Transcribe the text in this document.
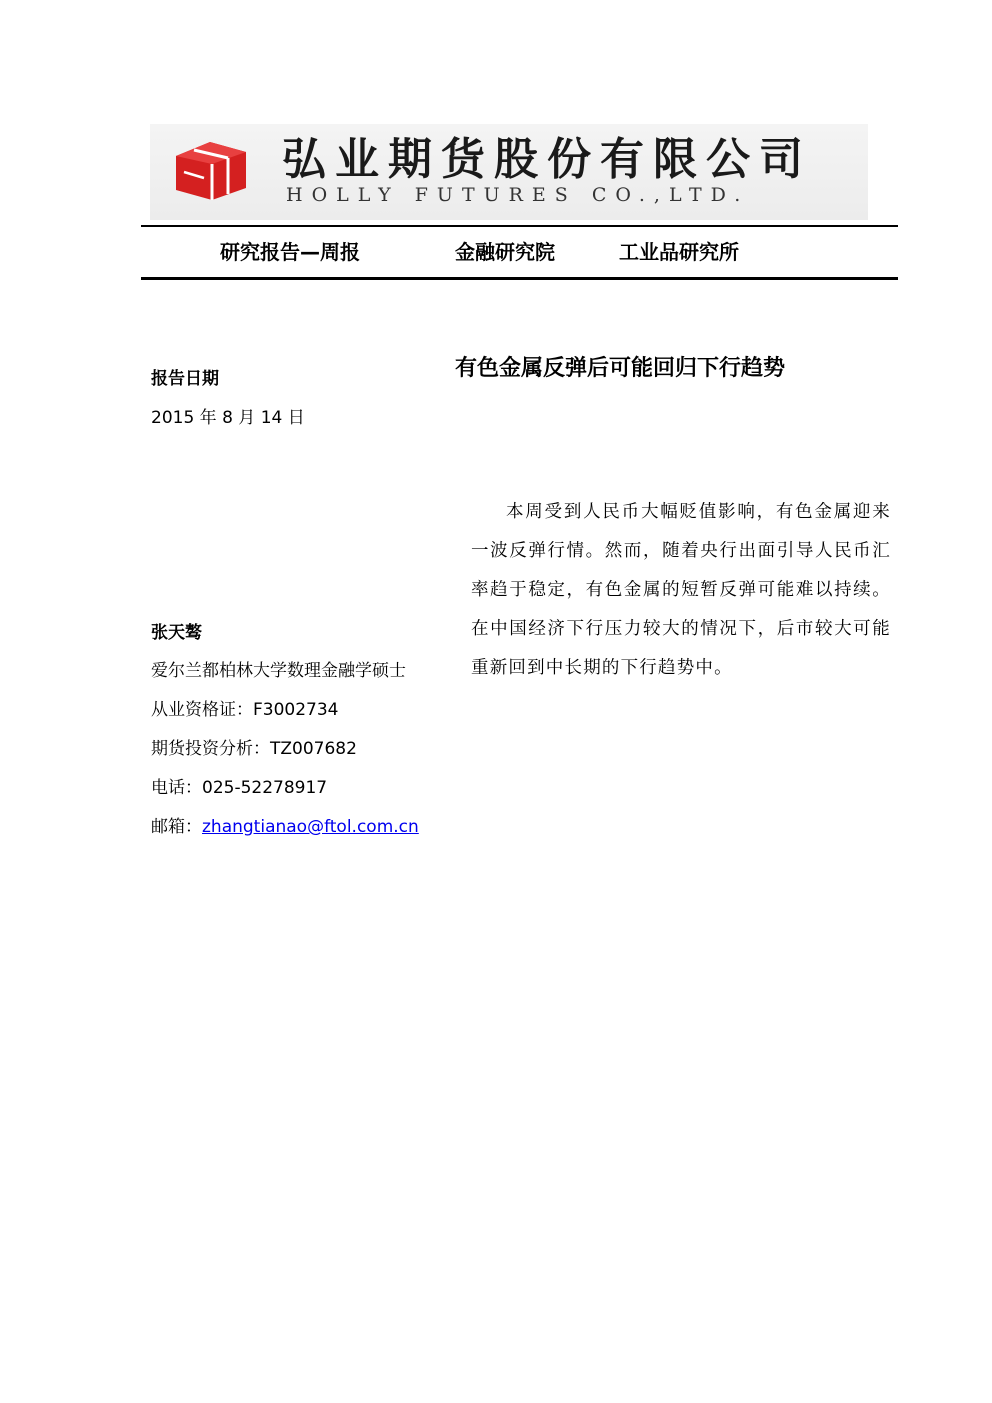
弘业期货股份有限公司
HOLLY FUTURES CO.,LTD.
研究报告—周报	金融研究院	工业品研究所
报告日期
2015 年 8 月 14 日
有色金属反弹后可能回归下行趋势

本周受到人民币大幅贬值影响，有色金属迎来一波反弹行情。然而，随着央行出面引导人民币汇率趋于稳定，有色金属的短暂反弹可能难以持续。在中国经济下行压力较大的情况下，后市较大可能重新回到中长期的下行趋势中。

张天骜
爱尔兰都柏林大学数理金融学硕士
从业资格证：F3002734
期货投资分析：TZ007682
电话：025-52278917
邮箱：zhangtianao@ftol.com.cn
